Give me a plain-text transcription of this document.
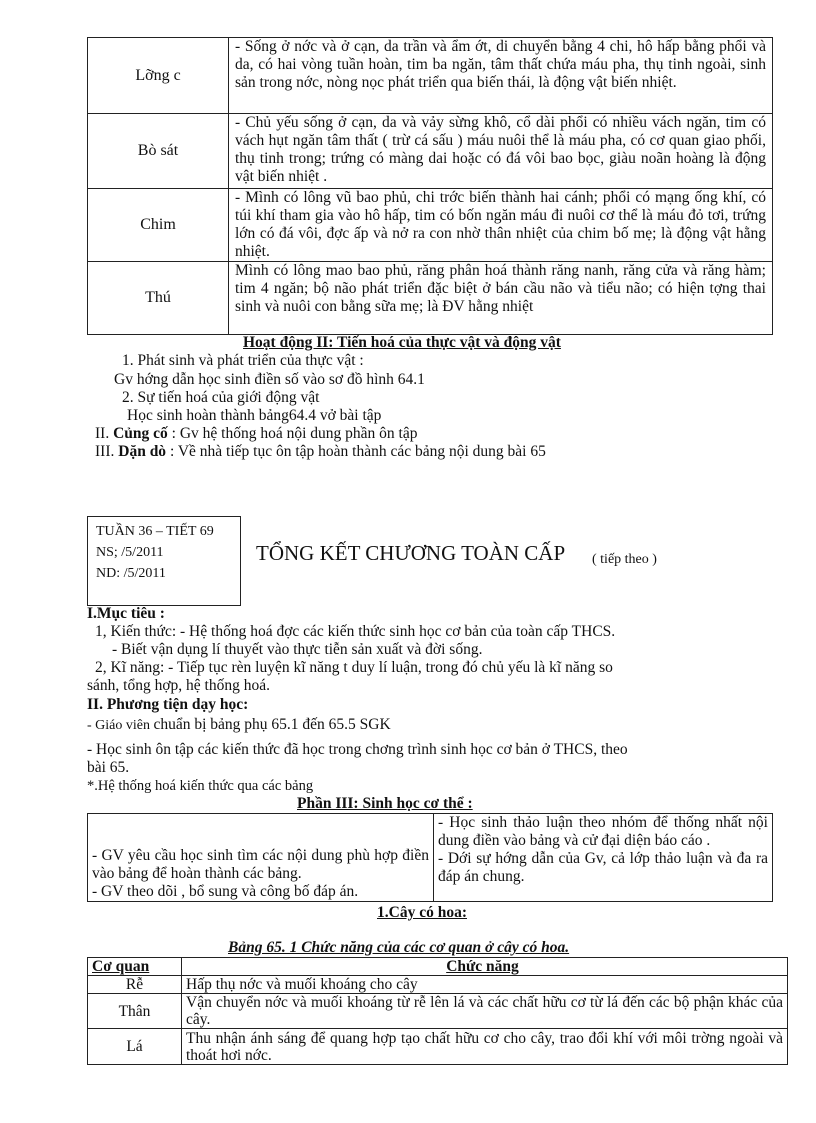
Lỡng c	- Sống ở nớc và ở cạn, da trần và ẩm ớt, di chuyển bằng 4 chi, hô hấp bằng phổi và da, có hai vòng tuần hoàn, tim ba ngăn, tâm thất chứa máu pha, thụ tinh ngoài, sinh sản trong nớc, nòng nọc phát triển qua biến thái, là động vật biến nhiệt.
Bò sát	- Chủ yếu sống ở cạn, da và vảy sừng khô, cổ dài phổi có nhiều vách ngăn, tim có vách hụt ngăn tâm thất ( trừ cá sấu ) máu nuôi thể là máu pha, có cơ quan giao phối, thụ tinh trong; trứng có màng dai hoặc có đá vôi bao bọc, giàu noãn hoàng là động vật biến nhiệt .
Chim	- Mình có lông vũ bao phủ, chi trớc biến thành hai cánh; phổi có mạng ống khí, có túi khí tham gia vào hô hấp, tim có bốn ngăn máu đi nuôi cơ thể là máu đỏ tơi, trứng lớn có đá vôi, đợc ấp và nở ra con nhờ thân nhiệt của chim bố mẹ; là động vật hằng nhiệt.
Thú	Mình có lông mao bao phủ, răng phân hoá thành răng nanh, răng cửa và răng hàm; tim 4 ngăn; bộ não phát triển đặc biệt ở bán cầu não và tiểu não; có hiện tợng thai sinh và nuôi con bằng sữa mẹ; là ĐV hằng nhiệt
Hoạt động II: Tiến hoá của thực vật và động vật
1. Phát sinh và phát triển của thực vật :
Gv hớng dẫn học sinh điền số vào sơ đồ hình 64.1
2. Sự tiến hoá của giới động vật
Học sinh hoàn thành bảng64.4 vở bài tập
II. Củng cố : Gv hệ thống hoá nội dung phần ôn tập
III. Dặn dò : Về nhà tiếp tục ôn tập hoàn thành các bảng nội dung bài 65
TUẦN 36 – TIẾT 69
NS; /5/2011
ND: /5/2011
TỔNG KẾT CHƯƠNG TOÀN CẤP ( tiếp theo )
I.Mục tiêu :
1, Kiến thức: - Hệ thống hoá đợc các kiến thức sinh học cơ bản của toàn cấp THCS.
- Biết vận dụng lí thuyết vào thực tiễn sản xuất và đời sống.
2, Kĩ năng: - Tiếp tục rèn luyện kĩ năng t duy lí luận, trong đó chủ yếu là kĩ năng so
sánh, tổng hợp, hệ thống hoá.
II. Phương tiện dạy học:
- Giáo viên chuẩn bị bảng phụ 65.1 đến 65.5 SGK
- Học sinh ôn tập các kiến thức đã học trong chơng trình sinh học cơ bản ở THCS, theo
bài 65.
*.Hệ thống hoá kiến thức qua các bảng
Phần III: Sinh học cơ thể :
- GV yêu cầu học sinh tìm các nội dung phù hợp điền vào bảng để hoàn thành các bảng.
- GV theo dõi , bổ sung và công bố đáp án.	- Học sinh thảo luận theo nhóm để thống nhất nội dung điền vào bảng và cử đại diện báo cáo .
- Dới sự hớng dẫn của Gv, cả lớp thảo luận và đa ra đáp án chung.
1.Cây có hoa:
Bảng 65. 1 Chức năng của các cơ quan ở cây có hoa.
Cơ quan	Chức năng
Rễ	Hấp thụ nớc và muối khoáng cho cây
Thân	Vận chuyển nớc và muối khoáng từ rễ lên lá và các chất hữu cơ từ lá đến các bộ phận khác của cây.
Lá	Thu nhận ánh sáng để quang hợp tạo chất hữu cơ cho cây, trao đổi khí với môi trờng ngoài và thoát hơi nớc.
